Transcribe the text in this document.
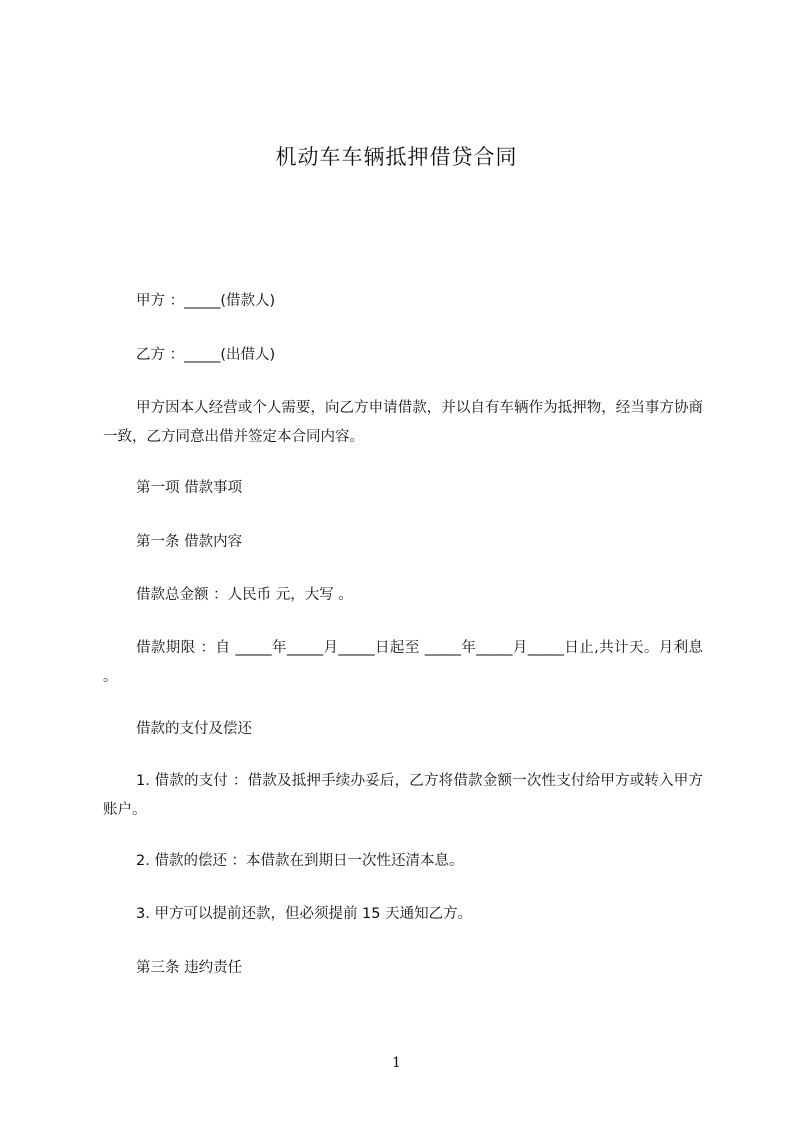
机动车车辆抵押借贷合同
甲方 ：_____(借款人)
乙方 ：_____(出借人)
甲方因本人经营或个人需要，向乙方申请借款，并以自有车辆作为抵押物，经当事方协商一致，乙方同意出借并签定本合同内容。
第一项 借款事项
第一条 借款内容
借款总金额 ：人民币 元，大写 。
借款期限 ：自 _____年_____月_____日起至 _____年_____月_____日止,共计天。月利息 。
借款的支付及偿还
1. 借款的支付 ：借款及抵押手续办妥后，乙方将借款金额一次性支付给甲方或转入甲方账户。
2. 借款的偿还 ：本借款在到期日一次性还清本息。
3. 甲方可以提前还款，但必须提前 15 天通知乙方。
第三条 违约责任
1
